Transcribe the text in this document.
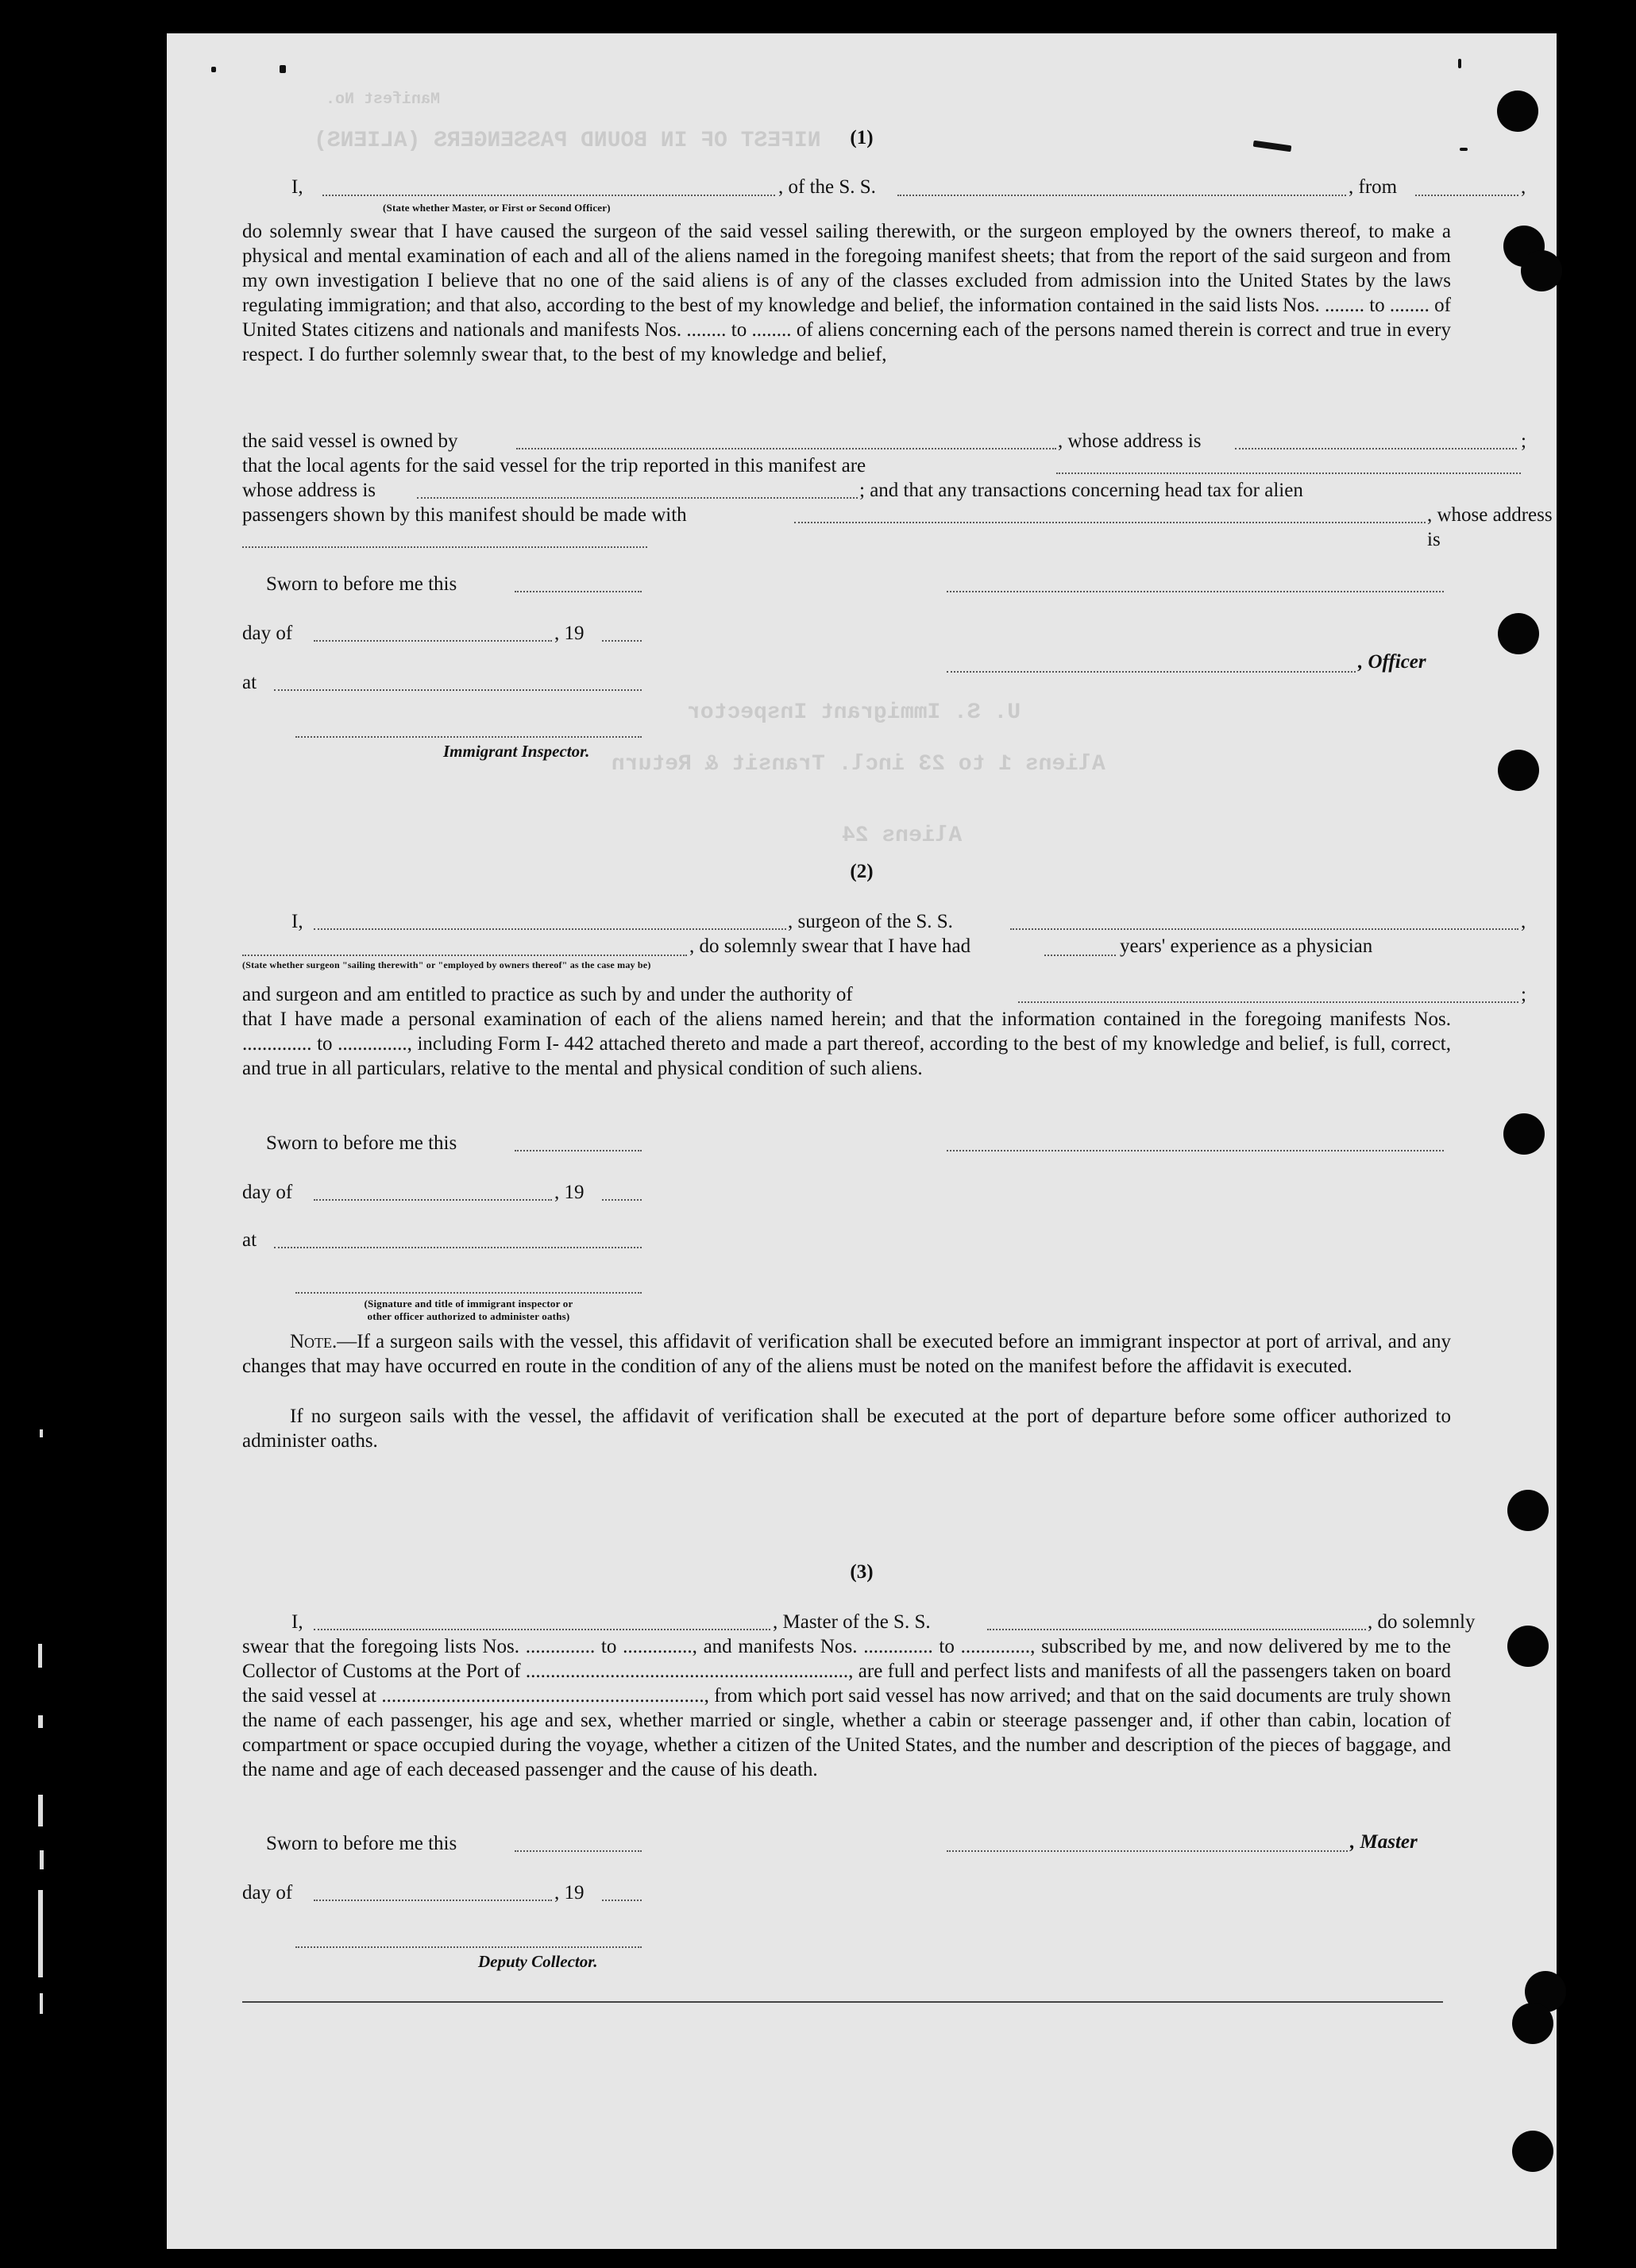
NIFEST OF IN BOUND PASSENGERS (ALIENS)
Manifest No.
U. S. Immigrant Inspector
Aliens 1 to 23 incl. Transit & Return
Aliens 24
(1)
I,	, of the S. S.	, from	,
(State whether Master, or First or Second Officer)
do solemnly swear that I have caused the surgeon of the said vessel sailing therewith, or the surgeon employed by the owners thereof, to make a physical and mental examination of each and all of the aliens named in the foregoing manifest sheets; that from the report of the said surgeon and from my own investigation I believe that no one of the said aliens is of any of the classes excluded from admission into the United States by the laws regulating immigration; and that also, according to the best of my knowledge and belief, the information contained in the said lists Nos. ........ to ........ of United States citizens and nationals and manifests Nos. ........ to ........ of aliens concerning each of the persons named therein is correct and true in every respect. I do further solemnly swear that, to the best of my knowledge and belief,
the said vessel is owned by	, whose address is	;
that the local agents for the said vessel for the trip reported in this manifest are
whose address is	; and that any transactions concerning head tax for alien
passengers shown by this manifest should be made with	, whose address is
Sworn to before me this
day of	, 19
at
, Officer
Immigrant Inspector.
(2)
I,	, surgeon of the S. S.	,
, do solemnly swear that I have had	years' experience as a physician
(State whether surgeon "sailing therewith" or "employed by owners thereof" as the case may be)
and surgeon and am entitled to practice as such by and under the authority of	;
that I have made a personal examination of each of the aliens named herein; and that the information contained in the foregoing manifests Nos. .............. to .............., including Form I- 442 attached thereto and made a part thereof, according to the best of my knowledge and belief, is full, correct, and true in all particulars, relative to the mental and physical condition of such aliens.
Sworn to before me this
day of	, 19
at
(Signature and title of immigrant inspector or
other officer authorized to administer oaths)
Note.—If a surgeon sails with the vessel, this affidavit of verification shall be executed before an immigrant inspector at port of arrival, and any changes that may have occurred en route in the condition of any of the aliens must be noted on the manifest before the affidavit is executed.
If no surgeon sails with the vessel, the affidavit of verification shall be executed at the port of departure before some officer authorized to administer oaths.
(3)
I,	, Master of the S. S.	, do solemnly
swear that the foregoing lists Nos. .............. to .............., and manifests Nos. .............. to .............., subscribed by me, and now delivered by me to the Collector of Customs at the Port of ................................................................., are full and perfect lists and manifests of all the passengers taken on board the said vessel at ................................................................., from which port said vessel has now arrived; and that on the said documents are truly shown the name of each passenger, his age and sex, whether married or single, whether a cabin or steerage passenger and, if other than cabin, location of compartment or space occupied during the voyage, whether a citizen of the United States, and the number and description of the pieces of baggage, and the name and age of each deceased passenger and the cause of his death.
Sworn to before me this	, Master
day of	, 19
Deputy Collector.
